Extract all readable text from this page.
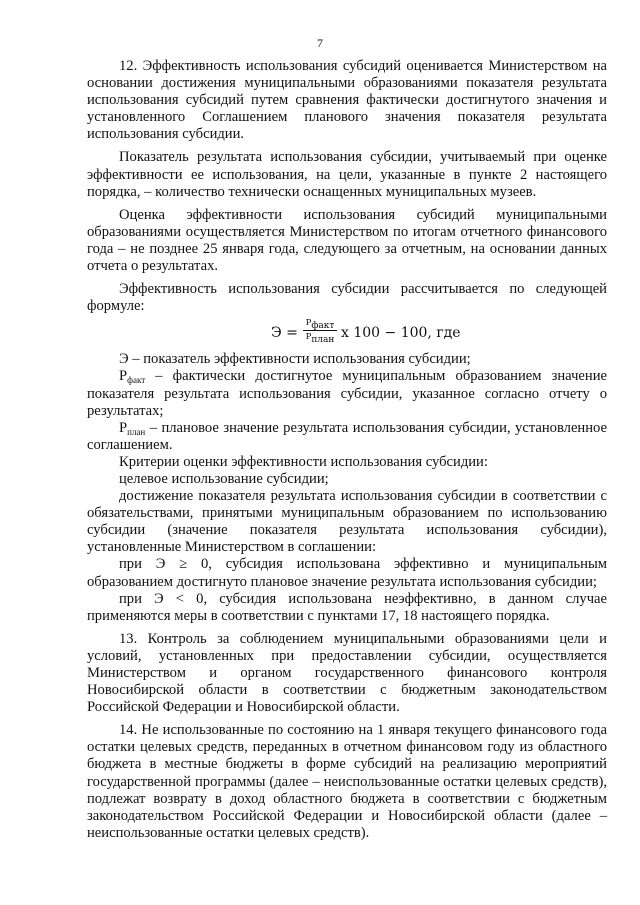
7

12. Эффективность использования субсидий оценивается Министерством на основании достижения муниципальными образованиями показателя результата использования субсидий путем сравнения фактически достигнутого значения и установленного Соглашением планового значения показателя результата использования субсидии.

Показатель результата использования субсидии, учитываемый при оценке эффективности ее использования, на цели, указанные в пункте 2 настоящего порядка, – количество технически оснащенных муниципальных музеев.

Оценка эффективности использования субсидий муниципальными образованиями осуществляется Министерством по итогам отчетного финансового года – не позднее 25 января года, следующего за отчетным, на основании данных отчета о результатах.

Эффективность использования субсидии рассчитывается по следующей формуле:

Э =
$Р_{факт}$
$Р_{план}$ x 100 − 100, где

Э – показатель эффективности использования субсидии;

$Р_{факт}$ – фактически достигнутое муниципальным образованием значение показателя результата использования субсидии, указанное согласно отчету о результатах;

$Р_{план}$ – плановое значение результата использования субсидии, установленное соглашением.

Критерии оценки эффективности использования субсидии:

целевое использование субсидии;

достижение показателя результата использования субсидии в соответствии с обязательствами, принятыми муниципальным образованием по использованию субсидии (значение показателя результата использования субсидии), установленные Министерством в соглашении:

при Э ≥ 0, субсидия использована эффективно и муниципальным образованием достигнуто плановое значение результата использования субсидии;

при Э < 0, субсидия использована неэффективно, в данном случае применяются меры в соответствии с пунктами 17, 18 настоящего порядка.

13. Контроль за соблюдением муниципальными образованиями цели и условий, установленных при предоставлении субсидии, осуществляется Министерством и органом государственного финансового контроля Новосибирской области в соответствии с бюджетным законодательством Российской Федерации и Новосибирской области.

14. Не использованные по состоянию на 1 января текущего финансового года остатки целевых средств, переданных в отчетном финансовом году из областного бюджета в местные бюджеты в форме субсидий на реализацию мероприятий государственной программы (далее – неиспользованные остатки целевых средств), подлежат возврату в доход областного бюджета в соответствии с бюджетным законодательством Российской Федерации и Новосибирской области (далее – неиспользованные остатки целевых средств).
